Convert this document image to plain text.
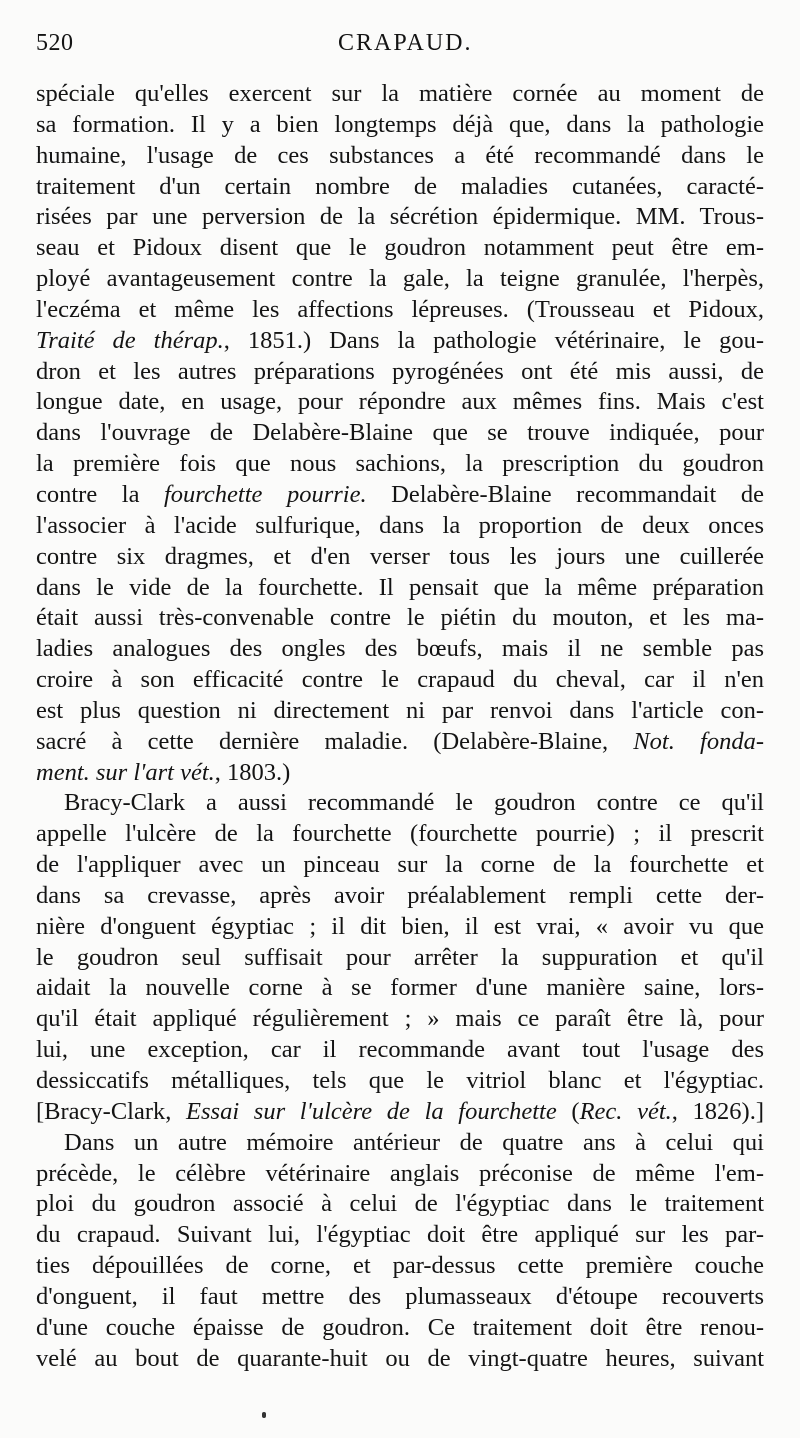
520	CRAPAUD.
spéciale qu'elles exercent sur la matière cornée au moment de
sa formation. Il y a bien longtemps déjà que, dans la pathologie
humaine, l'usage de ces substances a été recommandé dans le
traitement d'un certain nombre de maladies cutanées, caracté-
risées par une perversion de la sécrétion épidermique. MM. Trous-
seau et Pidoux disent que le goudron notamment peut être em-
ployé avantageusement contre la gale, la teigne granulée, l'herpès,
l'eczéma et même les affections lépreuses. (Trousseau et Pidoux,
Traité de thérap., 1851.) Dans la pathologie vétérinaire, le gou-
dron et les autres préparations pyrogénées ont été mis aussi, de
longue date, en usage, pour répondre aux mêmes fins. Mais c'est
dans l'ouvrage de Delabère-Blaine que se trouve indiquée, pour
la première fois que nous sachions, la prescription du goudron
contre la fourchette pourrie. Delabère-Blaine recommandait de
l'associer à l'acide sulfurique, dans la proportion de deux onces
contre six dragmes, et d'en verser tous les jours une cuillerée
dans le vide de la fourchette. Il pensait que la même préparation
était aussi très-convenable contre le piétin du mouton, et les ma-
ladies analogues des ongles des bœufs, mais il ne semble pas
croire à son efficacité contre le crapaud du cheval, car il n'en
est plus question ni directement ni par renvoi dans l'article con-
sacré à cette dernière maladie. (Delabère-Blaine, Not. fonda-
ment. sur l'art vét., 1803.)
Bracy-Clark a aussi recommandé le goudron contre ce qu'il
appelle l'ulcère de la fourchette (fourchette pourrie) ; il prescrit
de l'appliquer avec un pinceau sur la corne de la fourchette et
dans sa crevasse, après avoir préalablement rempli cette der-
nière d'onguent égyptiac ; il dit bien, il est vrai, « avoir vu que
le goudron seul suffisait pour arrêter la suppuration et qu'il
aidait la nouvelle corne à se former d'une manière saine, lors-
qu'il était appliqué régulièrement ; » mais ce paraît être là, pour
lui, une exception, car il recommande avant tout l'usage des
dessiccatifs métalliques, tels que le vitriol blanc et l'égyptiac.
[Bracy-Clark, Essai sur l'ulcère de la fourchette (Rec. vét., 1826).]
Dans un autre mémoire antérieur de quatre ans à celui qui
précède, le célèbre vétérinaire anglais préconise de même l'em-
ploi du goudron associé à celui de l'égyptiac dans le traitement
du crapaud. Suivant lui, l'égyptiac doit être appliqué sur les par-
ties dépouillées de corne, et par-dessus cette première couche
d'onguent, il faut mettre des plumasseaux d'étoupe recouverts
d'une couche épaisse de goudron. Ce traitement doit être renou-
velé au bout de quarante-huit ou de vingt-quatre heures, suivant
